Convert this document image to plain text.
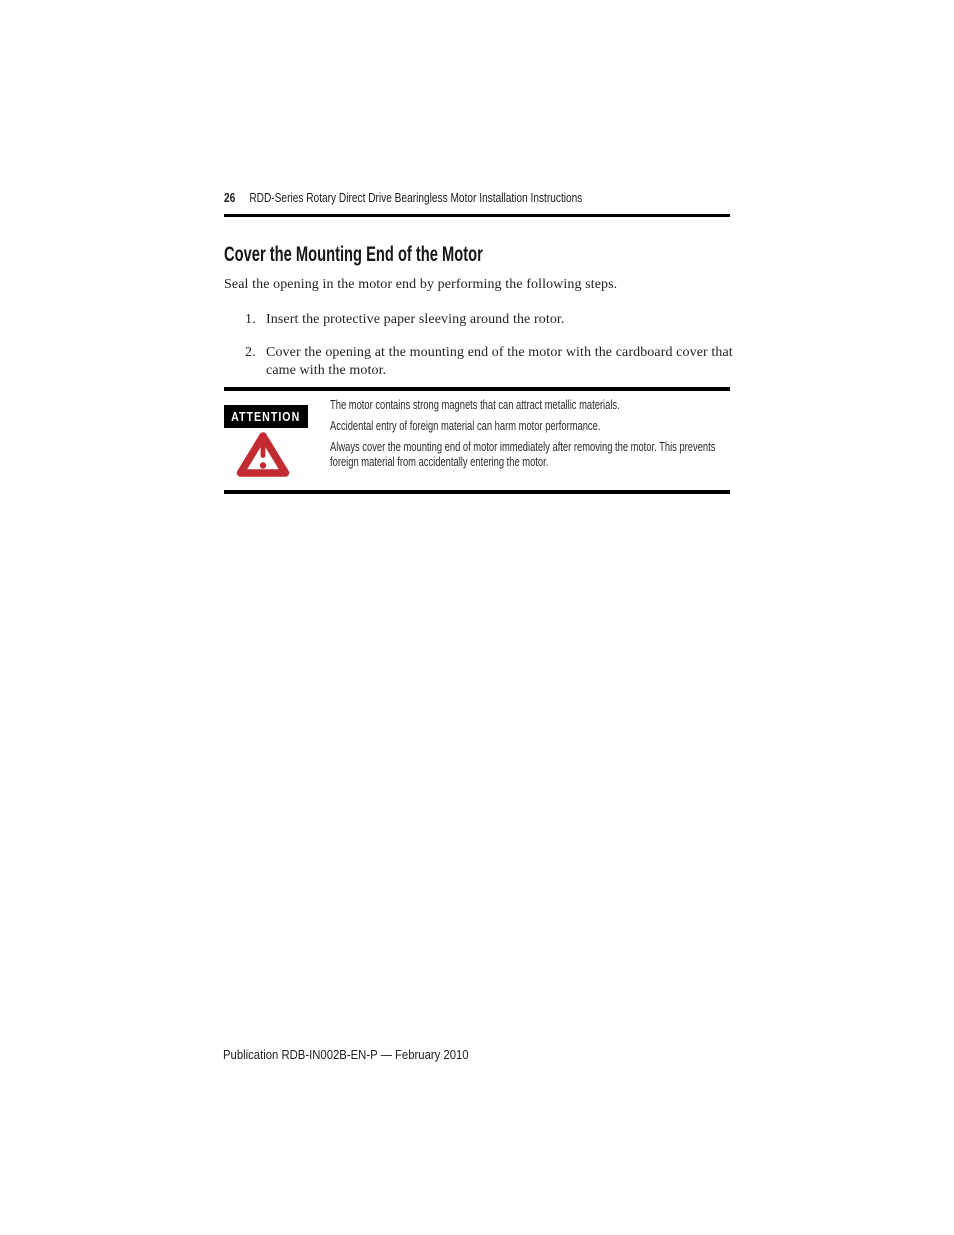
26 RDD-Series Rotary Direct Drive Bearingless Motor Installation Instructions
Cover the Mounting End of the Motor

Seal the opening in the motor end by performing the following steps.

1. Insert the protective paper sleeving around the rotor.

2. Cover the opening at the mounting end of the motor with the cardboard cover that came with the motor.

ATTENTION

The motor contains strong magnets that can attract metallic materials.

Accidental entry of foreign material can harm motor performance.

Always cover the mounting end of motor immediately after removing the motor. This prevents foreign material from accidentally entering the motor.

Publication RDB-IN002B-EN-P — February 2010
